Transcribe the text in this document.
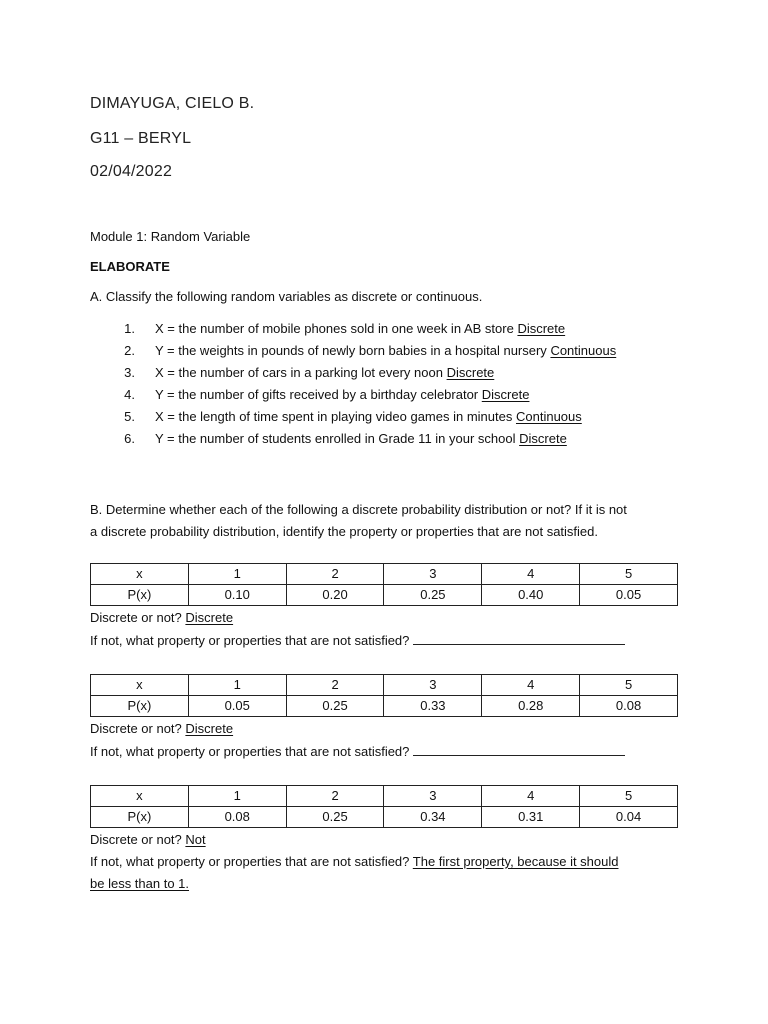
DIMAYUGA, CIELO B.
G11 – BERYL
02/04/2022
Module 1: Random Variable
ELABORATE
A. Classify the following random variables as discrete or continuous.
1. X = the number of mobile phones sold in one week in AB store
Discrete
2. Y = the weights in pounds of newly born babies in a hospital nursery
Continuous
3. X = the number of cars in a parking lot every noon
Discrete
4. Y = the number of gifts received by a birthday celebrator
Discrete
5. X = the length of time spent in playing video games in minutes
Continuous
6. Y = the number of students enrolled in Grade 11 in your school
Discrete
B. Determine whether each of the following a discrete probability distribution or not? If it is not
a discrete probability distribution, identify the property or properties that are not satisfied.
x	1	2	3	4	5
P(x)	0.10	0.20	0.25	0.40	0.05
Discrete or not? Discrete
If not, what property or properties that are not satisfied?
x	1	2	3	4	5
P(x)	0.05	0.25	0.33	0.28	0.08
Discrete or not? Discrete
If not, what property or properties that are not satisfied?
x	1	2	3	4	5
P(x)	0.08	0.25	0.34	0.31	0.04
Discrete or not? Not
If not, what property or properties that are not satisfied? The first property, because it should
be less than to 1.
